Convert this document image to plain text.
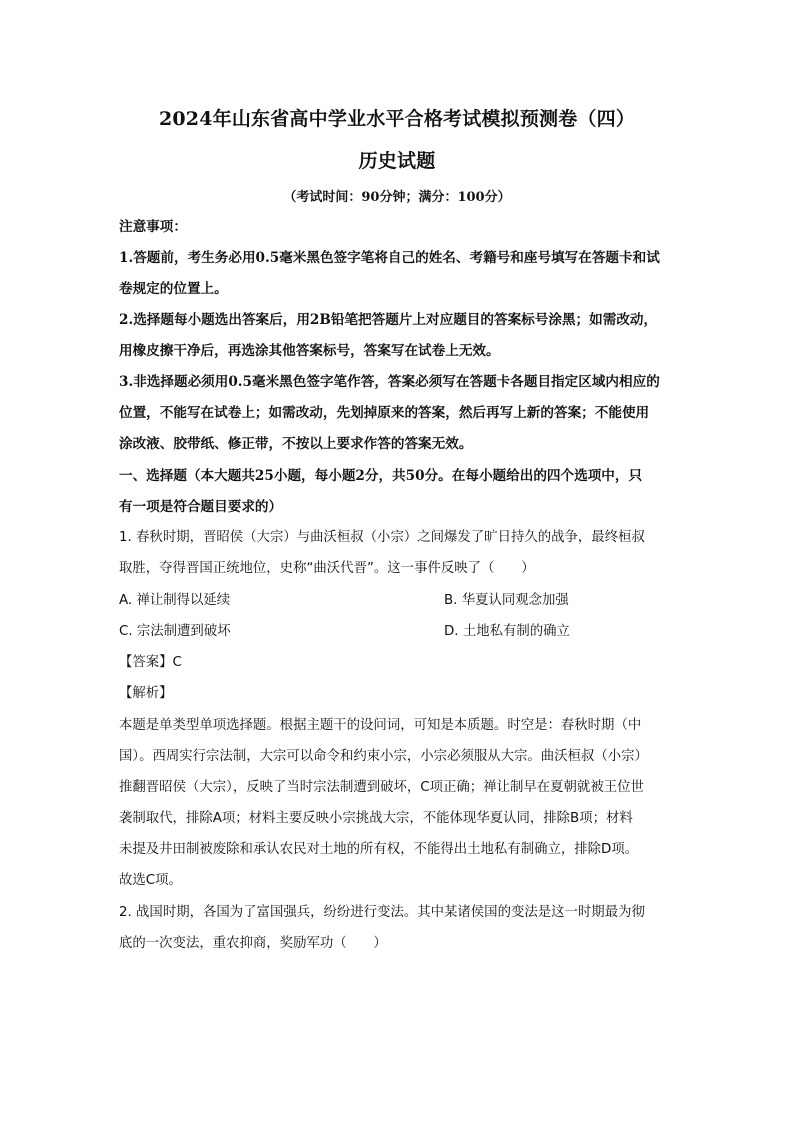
2024年山东省高中学业水平合格考试模拟预测卷（四）
历史试题
（考试时间：90分钟；满分：100分）
注意事项：
1.答题前，考生务必用0.5毫米黑色签字笔将自己的姓名、考籍号和座号填写在答题卡和试
卷规定的位置上。
2.选择题每小题选出答案后，用2B铅笔把答题片上对应题目的答案标号涂黑；如需改动，
用橡皮擦干净后，再选涂其他答案标号，答案写在试卷上无效。
3.非选择题必须用0.5毫米黑色签字笔作答，答案必须写在答题卡各题目指定区域内相应的
位置，不能写在试卷上；如需改动，先划掉原来的答案，然后再写上新的答案；不能使用
涂改液、胶带纸、修正带，不按以上要求作答的答案无效。
一、选择题（本大题共25小题，每小题2分，共50分。在每小题给出的四个选项中，只
有一项是符合题目要求的）
1. 春秋时期，晋昭侯（大宗）与曲沃桓叔（小宗）之间爆发了旷日持久的战争，最终桓叔
取胜，夺得晋国正统地位，史称“曲沃代晋”。这一事件反映了（　　）
A. 禅让制得以延续	B. 华夏认同观念加强
C. 宗法制遭到破坏	D. 土地私有制的确立
【答案】C
【解析】
本题是单类型单项选择题。根据主题干的设问词，可知是本质题。时空是：春秋时期（中
国）。西周实行宗法制，大宗可以命令和约束小宗，小宗必须服从大宗。曲沃桓叔（小宗）
推翻晋昭侯（大宗），反映了当时宗法制遭到破坏，C项正确；禅让制早在夏朝就被王位世
袭制取代，排除A项；材料主要反映小宗挑战大宗，不能体现华夏认同，排除B项；材料
未提及井田制被废除和承认农民对土地的所有权，不能得出土地私有制确立，排除D项。
故选C项。
2. 战国时期，各国为了富国强兵，纷纷进行变法。其中某诸侯国的变法是这一时期最为彻
底的一次变法，重农抑商，奖励军功（　　）
